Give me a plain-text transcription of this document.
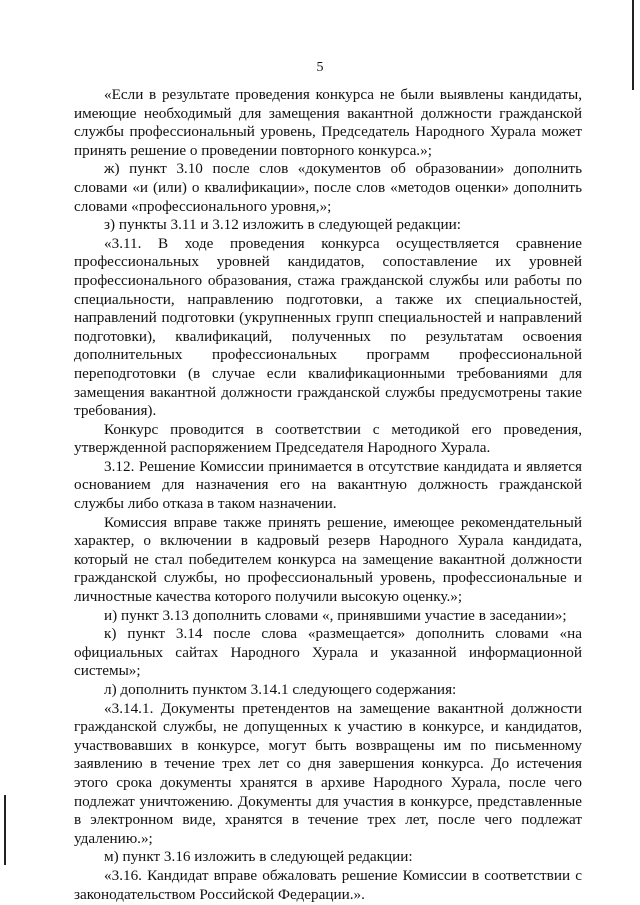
5

«Если в результате проведения конкурса не были выявлены кандидаты, имеющие необходимый для замещения вакантной должности гражданской службы профессиональный уровень, Председатель Народного Хурала может принять решение о проведении повторного конкурса.»;

ж) пункт 3.10 после слов «документов об образовании» дополнить словами «и (или) о квалификации», после слов «методов оценки» дополнить словами «профессионального уровня,»;

з) пункты 3.11 и 3.12 изложить в следующей редакции:

«3.11. В ходе проведения конкурса осуществляется сравнение профессиональных уровней кандидатов, сопоставление их уровней профессионального образования, стажа гражданской службы или работы по специальности, направлению подготовки, а также их специальностей, направлений подготовки (укрупненных групп специальностей и направлений подготовки), квалификаций, полученных по результатам освоения дополнительных профессиональных программ профессиональной переподготовки (в случае если квалификационными требованиями для замещения вакантной должности гражданской службы предусмотрены такие требования).

Конкурс проводится в соответствии с методикой его проведения, утвержденной распоряжением Председателя Народного Хурала.

3.12. Решение Комиссии принимается в отсутствие кандидата и является основанием для назначения его на вакантную должность гражданской службы либо отказа в таком назначении.

Комиссия вправе также принять решение, имеющее рекомендательный характер, о включении в кадровый резерв Народного Хурала кандидата, который не стал победителем конкурса на замещение вакантной должности гражданской службы, но профессиональный уровень, профессиональные и личностные качества которого получили высокую оценку.»;

и) пункт 3.13 дополнить словами «, принявшими участие в заседании»;

к) пункт 3.14 после слова «размещается» дополнить словами «на официальных сайтах Народного Хурала и указанной информационной системы»;

л) дополнить пунктом 3.14.1 следующего содержания:

«3.14.1. Документы претендентов на замещение вакантной должности гражданской службы, не допущенных к участию в конкурсе, и кандидатов, участвовавших в конкурсе, могут быть возвращены им по письменному заявлению в течение трех лет со дня завершения конкурса. До истечения этого срока документы хранятся в архиве Народного Хурала, после чего подлежат уничтожению. Документы для участия в конкурсе, представленные в электронном виде, хранятся в течение трех лет, после чего подлежат удалению.»;

м) пункт 3.16 изложить в следующей редакции:

«3.16. Кандидат вправе обжаловать решение Комиссии в соответствии с законодательством Российской Федерации.».
